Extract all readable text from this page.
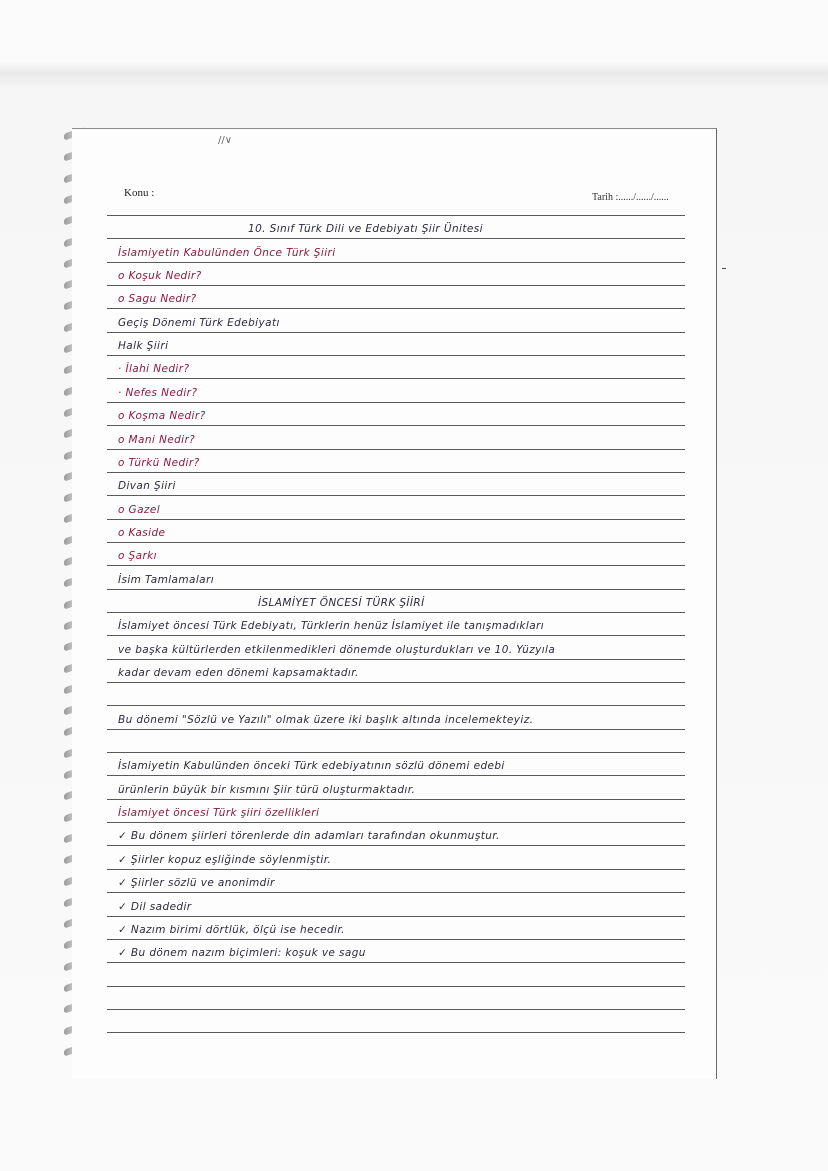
//∨
Konu :	Tarih :....../....../......
10. Sınıf Türk Dili ve Edebiyatı Şiir Ünitesi
İslamiyetin Kabulünden Önce Türk Şiiri
o Koşuk Nedir?
o Sagu Nedir?
Geçiş Dönemi Türk Edebiyatı
Halk Şiiri
· İlahi Nedir?
· Nefes Nedir?
o Koşma Nedir?
o Mani Nedir?
o Türkü Nedir?
Divan Şiiri
o Gazel
o Kaside
o Şarkı
İsim Tamlamaları
İSLAMİYET ÖNCESİ TÜRK ŞİİRİ
İslamiyet öncesi Türk Edebiyatı, Türklerin henüz İslamiyet ile tanışmadıkları
ve başka kültürlerden etkilenmedikleri dönemde oluşturdukları ve 10. Yüzyıla
kadar devam eden dönemi kapsamaktadır.
Bu dönemi "Sözlü ve Yazılı" olmak üzere iki başlık altında incelemekteyiz.
İslamiyetin Kabulünden önceki Türk edebiyatının sözlü dönemi edebi
ürünlerin büyük bir kısmını Şiir türü oluşturmaktadır.
İslamiyet öncesi Türk şiiri özellikleri
✓ Bu dönem şiirleri törenlerde din adamları tarafından okunmuştur.
✓ Şiirler kopuz eşliğinde söylenmiştir.
✓ Şiirler sözlü ve anonimdir
✓ Dil sadedir
✓ Nazım birimi dörtlük, ölçü ise hecedir.
✓ Bu dönem nazım biçimleri: koşuk ve sagu
